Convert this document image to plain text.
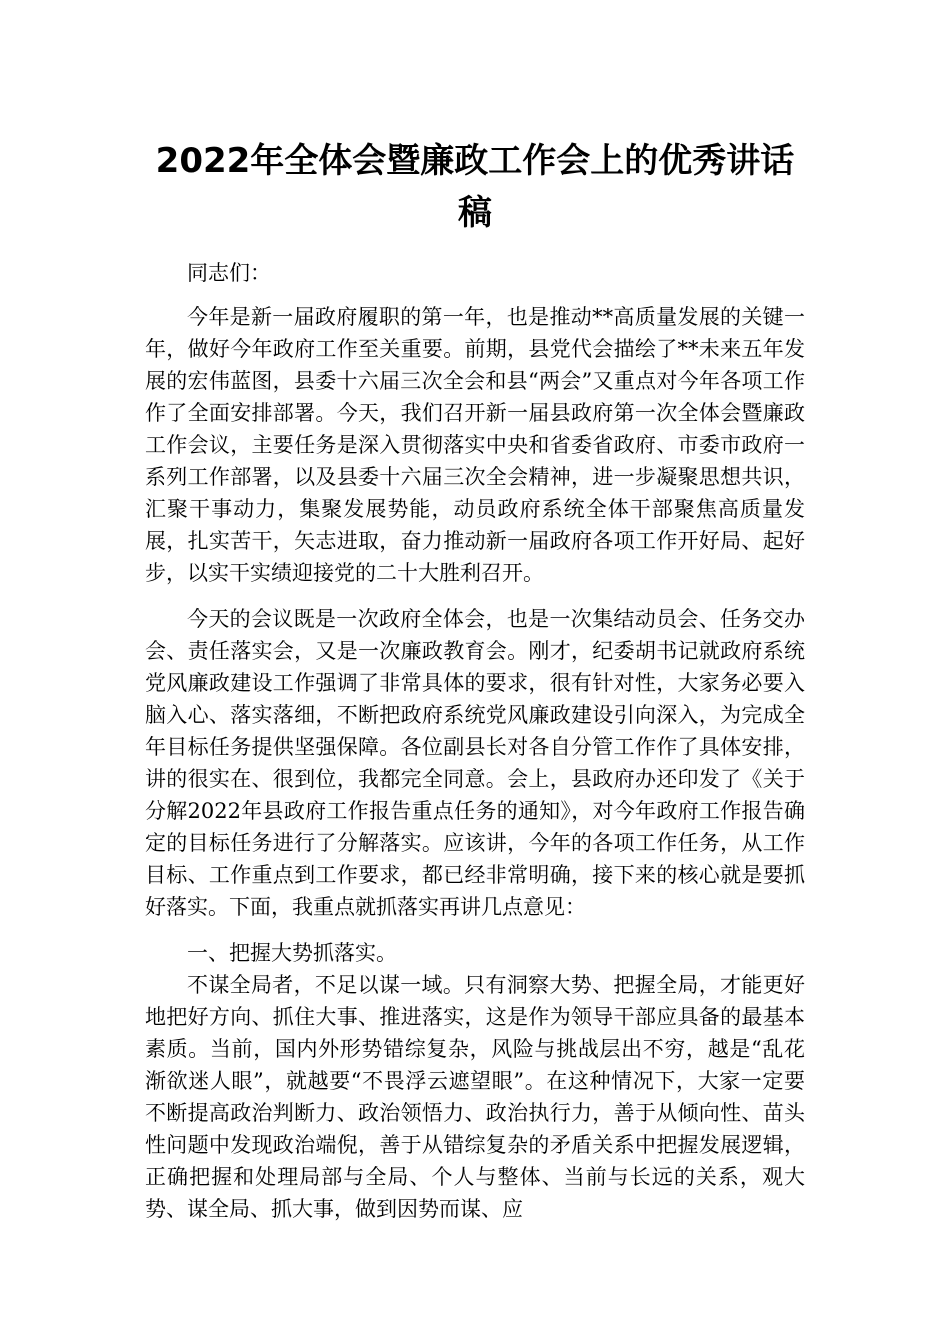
2022年全体会暨廉政工作会上的优秀讲话稿

同志们：

今年是新一届政府履职的第一年，也是推动**高质量发展的关键一年，做好今年政府工作至关重要。前期，县党代会描绘了**未来五年发展的宏伟蓝图，县委十六届三次全会和县“两会”又重点对今年各项工作作了全面安排部署。今天，我们召开新一届县政府第一次全体会暨廉政工作会议，主要任务是深入贯彻落实中央和省委省政府、市委市政府一系列工作部署，以及县委十六届三次全会精神，进一步凝聚思想共识，汇聚干事动力，集聚发展势能，动员政府系统全体干部聚焦高质量发展，扎实苦干，矢志进取，奋力推动新一届政府各项工作开好局、起好步，以实干实绩迎接党的二十大胜利召开。

今天的会议既是一次政府全体会，也是一次集结动员会、任务交办会、责任落实会，又是一次廉政教育会。刚才，纪委胡书记就政府系统党风廉政建设工作强调了非常具体的要求，很有针对性，大家务必要入脑入心、落实落细，不断把政府系统党风廉政建设引向深入，为完成全年目标任务提供坚强保障。各位副县长对各自分管工作作了具体安排，讲的很实在、很到位，我都完全同意。会上，县政府办还印发了《关于分解2022年县政府工作报告重点任务的通知》，对今年政府工作报告确定的目标任务进行了分解落实。应该讲，今年的各项工作任务，从工作目标、工作重点到工作要求，都已经非常明确，接下来的核心就是要抓好落实。下面，我重点就抓落实再讲几点意见：

一、把握大势抓落实。

不谋全局者，不足以谋一域。只有洞察大势、把握全局，才能更好地把好方向、抓住大事、推进落实，这是作为领导干部应具备的最基本素质。当前，国内外形势错综复杂，风险与挑战层出不穷，越是“乱花渐欲迷人眼”，就越要“不畏浮云遮望眼”。在这种情况下，大家一定要不断提高政治判断力、政治领悟力、政治执行力，善于从倾向性、苗头性问题中发现政治端倪，善于从错综复杂的矛盾关系中把握发展逻辑，正确把握和处理局部与全局、个人与整体、当前与长远的关系，观大势、谋全局、抓大事，做到因势而谋、应
